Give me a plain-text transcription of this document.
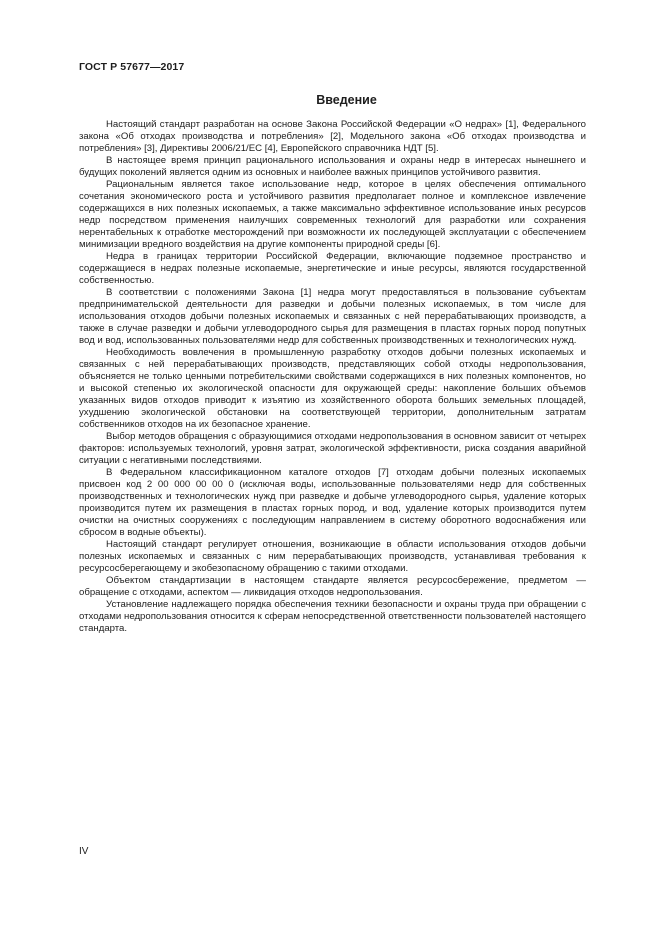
ГОСТ Р 57677—2017
Введение

Настоящий стандарт разработан на основе Закона Российской Федерации «О недрах» [1], Федерального закона «Об отходах производства и потребления» [2], Модельного закона «Об отходах производства и потребления» [3], Директивы 2006/21/EC [4], Европейского справочника НДТ [5].

В настоящее время принцип рационального использования и охраны недр в интересах нынешнего и будущих поколений является одним из основных и наиболее важных принципов устойчивого развития.

Рациональным является такое использование недр, которое в целях обеспечения оптимального сочетания экономического роста и устойчивого развития предполагает полное и комплексное извлечение содержащихся в них полезных ископаемых, а также максимально эффективное использование иных ресурсов недр посредством применения наилучших современных технологий для разработки или сохранения нерентабельных к отработке месторождений при возможности их последующей эксплуатации с обеспечением минимизации вредного воздействия на другие компоненты природной среды [6].

Недра в границах территории Российской Федерации, включающие подземное пространство и содержащиеся в недрах полезные ископаемые, энергетические и иные ресурсы, являются государственной собственностью.

В соответствии с положениями Закона [1] недра могут предоставляться в пользование субъектам предпринимательской деятельности для разведки и добычи полезных ископаемых, в том числе для использования отходов добычи полезных ископаемых и связанных с ней перерабатывающих производств, а также в случае разведки и добычи углеводородного сырья для размещения в пластах горных пород попутных вод и вод, использованных пользователями недр для собственных производственных и технологических нужд.

Необходимость вовлечения в промышленную разработку отходов добычи полезных ископаемых и связанных с ней перерабатывающих производств, представляющих собой отходы недропользования, объясняется не только ценными потребительскими свойствами содержащихся в них полезных компонентов, но и высокой степенью их экологической опасности для окружающей среды: накопление больших объемов указанных видов отходов приводит к изъятию из хозяйственного оборота больших земельных площадей, ухудшению экологической обстановки на соответствующей территории, дополнительным затратам собственников отходов на их безопасное хранение.

Выбор методов обращения с образующимися отходами недропользования в основном зависит от четырех факторов: используемых технологий, уровня затрат, экологической эффективности, риска создания аварийной ситуации с негативными последствиями.

В Федеральном классификационном каталоге отходов [7] отходам добычи полезных ископаемых присвоен код 2 00 000 00 00 0 (исключая воды, использованные пользователями недр для собственных производственных и технологических нужд при разведке и добыче углеводородного сырья, удаление которых производится путем их размещения в пластах горных пород, и вод, удаление которых производится путем очистки на очистных сооружениях с последующим направлением в систему оборотного водоснабжения или сбросом в водные объекты).

Настоящий стандарт регулирует отношения, возникающие в области использования отходов добычи полезных ископаемых и связанных с ним перерабатывающих производств, устанавливая требования к ресурсосберегающему и экобезопасному обращению с такими отходами.

Объектом стандартизации в настоящем стандарте является ресурсосбережение, предметом — обращение с отходами, аспектом — ликвидация отходов недропользования.

Установление надлежащего порядка обеспечения техники безопасности и охраны труда при обращении с отходами недропользования относится к сферам непосредственной ответственности пользователей настоящего стандарта.

IV
